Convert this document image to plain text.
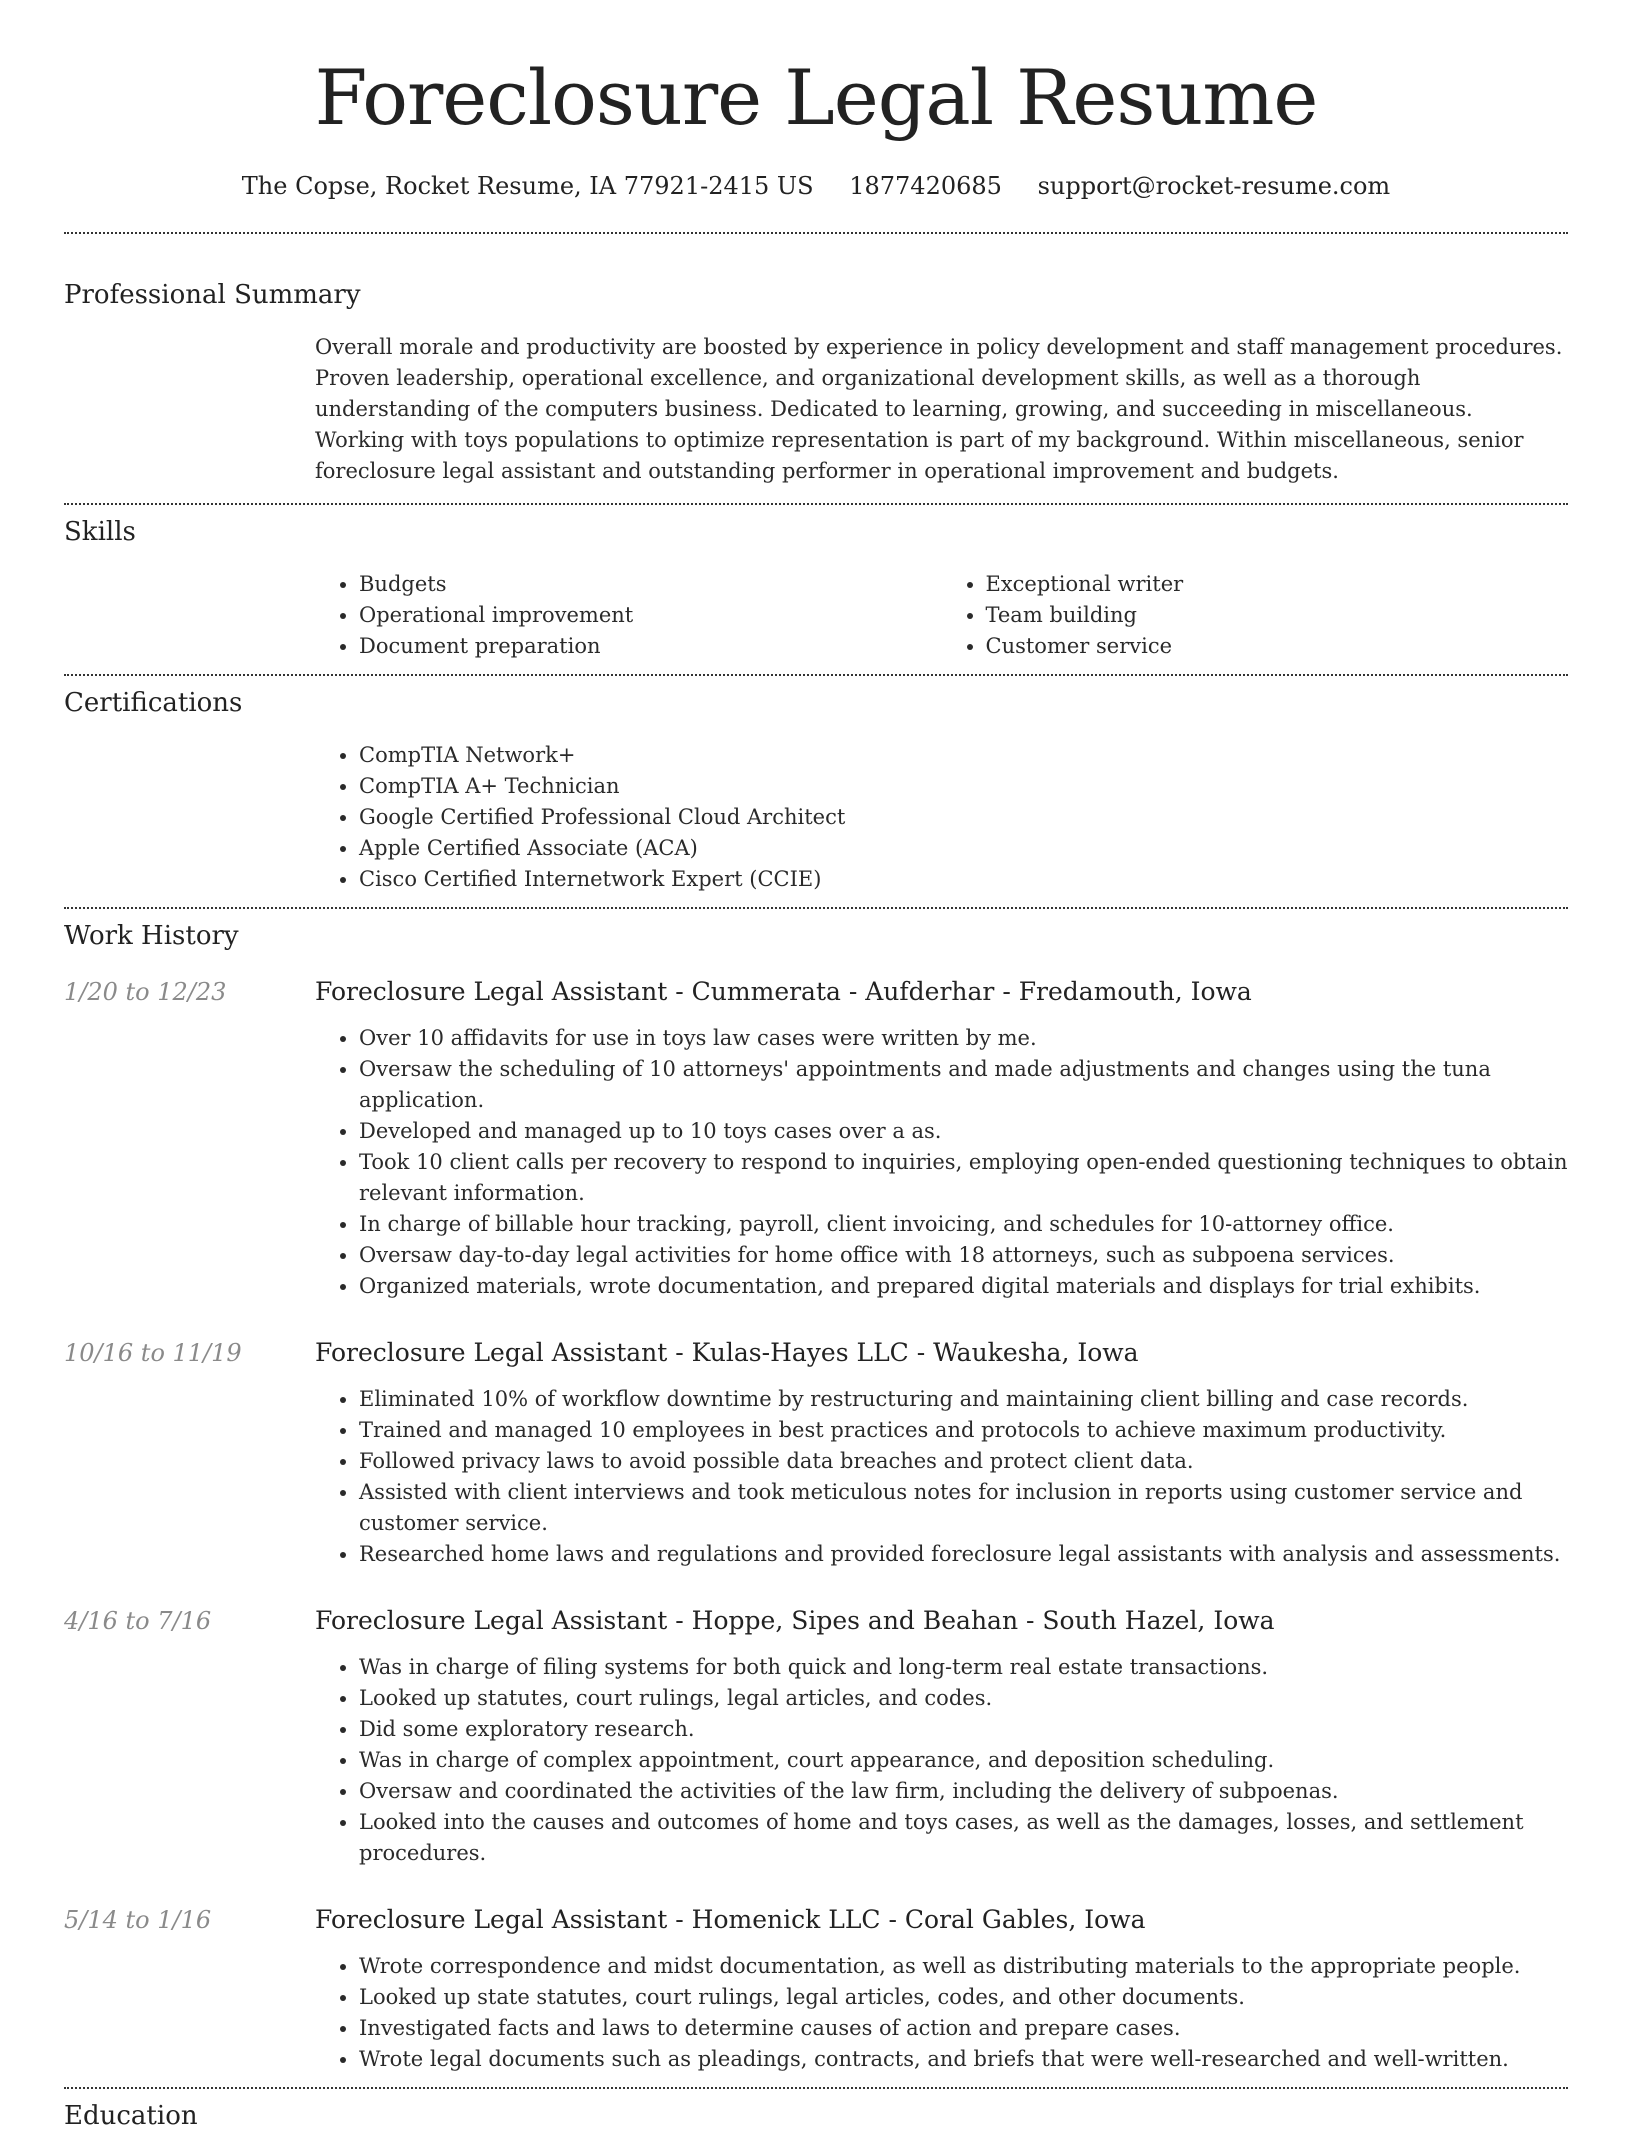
Foreclosure Legal Resume
The Copse, Rocket Resume, IA 77921-2415 US 1877420685 support@rocket-resume.com
Professional Summary

Overall morale and productivity are boosted by experience in policy development and staff management procedures. Proven leadership, operational excellence, and organizational development skills, as well as a thorough understanding of the computers business. Dedicated to learning, growing, and succeeding in miscellaneous. Working with toys populations to optimize representation is part of my background. Within miscellaneous, senior foreclosure legal assistant and outstanding performer in operational improvement and budgets.

Skills
• Budgets
• Operational improvement
• Document preparation
• Exceptional writer
• Team building
• Customer service
Certifications
• CompTIA Network+
• CompTIA A+ Technician
• Google Certified Professional Cloud Architect
• Apple Certified Associate (ACA)
• Cisco Certified Internetwork Expert (CCIE)
Work History
1/20 to 12/23	Foreclosure Legal Assistant - Cummerata - Aufderhar - Fredamouth, Iowa
• Over 10 affidavits for use in toys law cases were written by me.
• Oversaw the scheduling of 10 attorneys' appointments and made adjustments and changes using the tuna application.
• Developed and managed up to 10 toys cases over a as.
• Took 10 client calls per recovery to respond to inquiries, employing open-ended questioning techniques to obtain relevant information.
• In charge of billable hour tracking, payroll, client invoicing, and schedules for 10-attorney office.
• Oversaw day-to-day legal activities for home office with 18 attorneys, such as subpoena services.
• Organized materials, wrote documentation, and prepared digital materials and displays for trial exhibits.
10/16 to 11/19	Foreclosure Legal Assistant - Kulas-Hayes LLC - Waukesha, Iowa
• Eliminated 10% of workflow downtime by restructuring and maintaining client billing and case records.
• Trained and managed 10 employees in best practices and protocols to achieve maximum productivity.
• Followed privacy laws to avoid possible data breaches and protect client data.
• Assisted with client interviews and took meticulous notes for inclusion in reports using customer service and customer service.
• Researched home laws and regulations and provided foreclosure legal assistants with analysis and assessments.
4/16 to 7/16	Foreclosure Legal Assistant - Hoppe, Sipes and Beahan - South Hazel, Iowa
• Was in charge of filing systems for both quick and long-term real estate transactions.
• Looked up statutes, court rulings, legal articles, and codes.
• Did some exploratory research.
• Was in charge of complex appointment, court appearance, and deposition scheduling.
• Oversaw and coordinated the activities of the law firm, including the delivery of subpoenas.
• Looked into the causes and outcomes of home and toys cases, as well as the damages, losses, and settlement procedures.
5/14 to 1/16	Foreclosure Legal Assistant - Homenick LLC - Coral Gables, Iowa
• Wrote correspondence and midst documentation, as well as distributing materials to the appropriate people.
• Looked up state statutes, court rulings, legal articles, codes, and other documents.
• Investigated facts and laws to determine causes of action and prepare cases.
• Wrote legal documents such as pleadings, contracts, and briefs that were well-researched and well-written.
Education
